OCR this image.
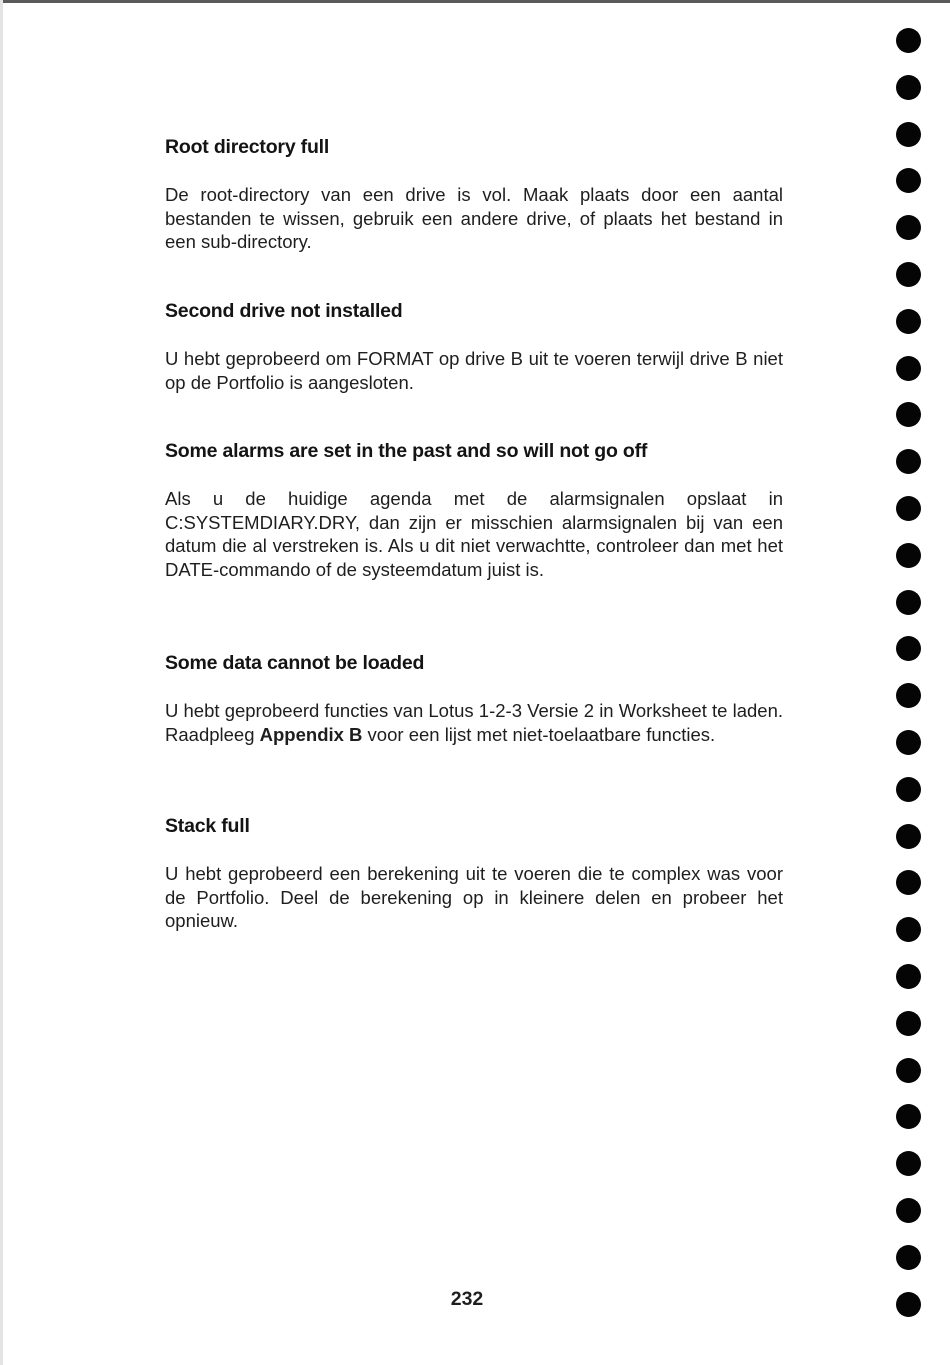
Root directory full

De root-directory van een drive is vol. Maak plaats door een aantal bestanden te wissen, gebruik een andere drive, of plaats het bestand in een sub-directory.

Second drive not installed

U hebt geprobeerd om FORMAT op drive B uit te voeren terwijl drive B niet op de Portfolio is aangesloten.

Some alarms are set in the past and so will not go off

Als u de huidige agenda met de alarmsignalen opslaat in C:SYSTEMDIARY.DRY, dan zijn er misschien alarmsignalen bij van een datum die al verstreken is. Als u dit niet verwachtte, controleer dan met het DATE-commando of de systeemdatum juist is.

Some data cannot be loaded

U hebt geprobeerd functies van Lotus 1-2-3 Versie 2 in Worksheet te laden. Raadpleeg Appendix B voor een lijst met niet-toelaatbare functies.

Stack full

U hebt geprobeerd een berekening uit te voeren die te complex was voor de Portfolio. Deel de berekening op in kleinere delen en probeer het opnieuw.

232
